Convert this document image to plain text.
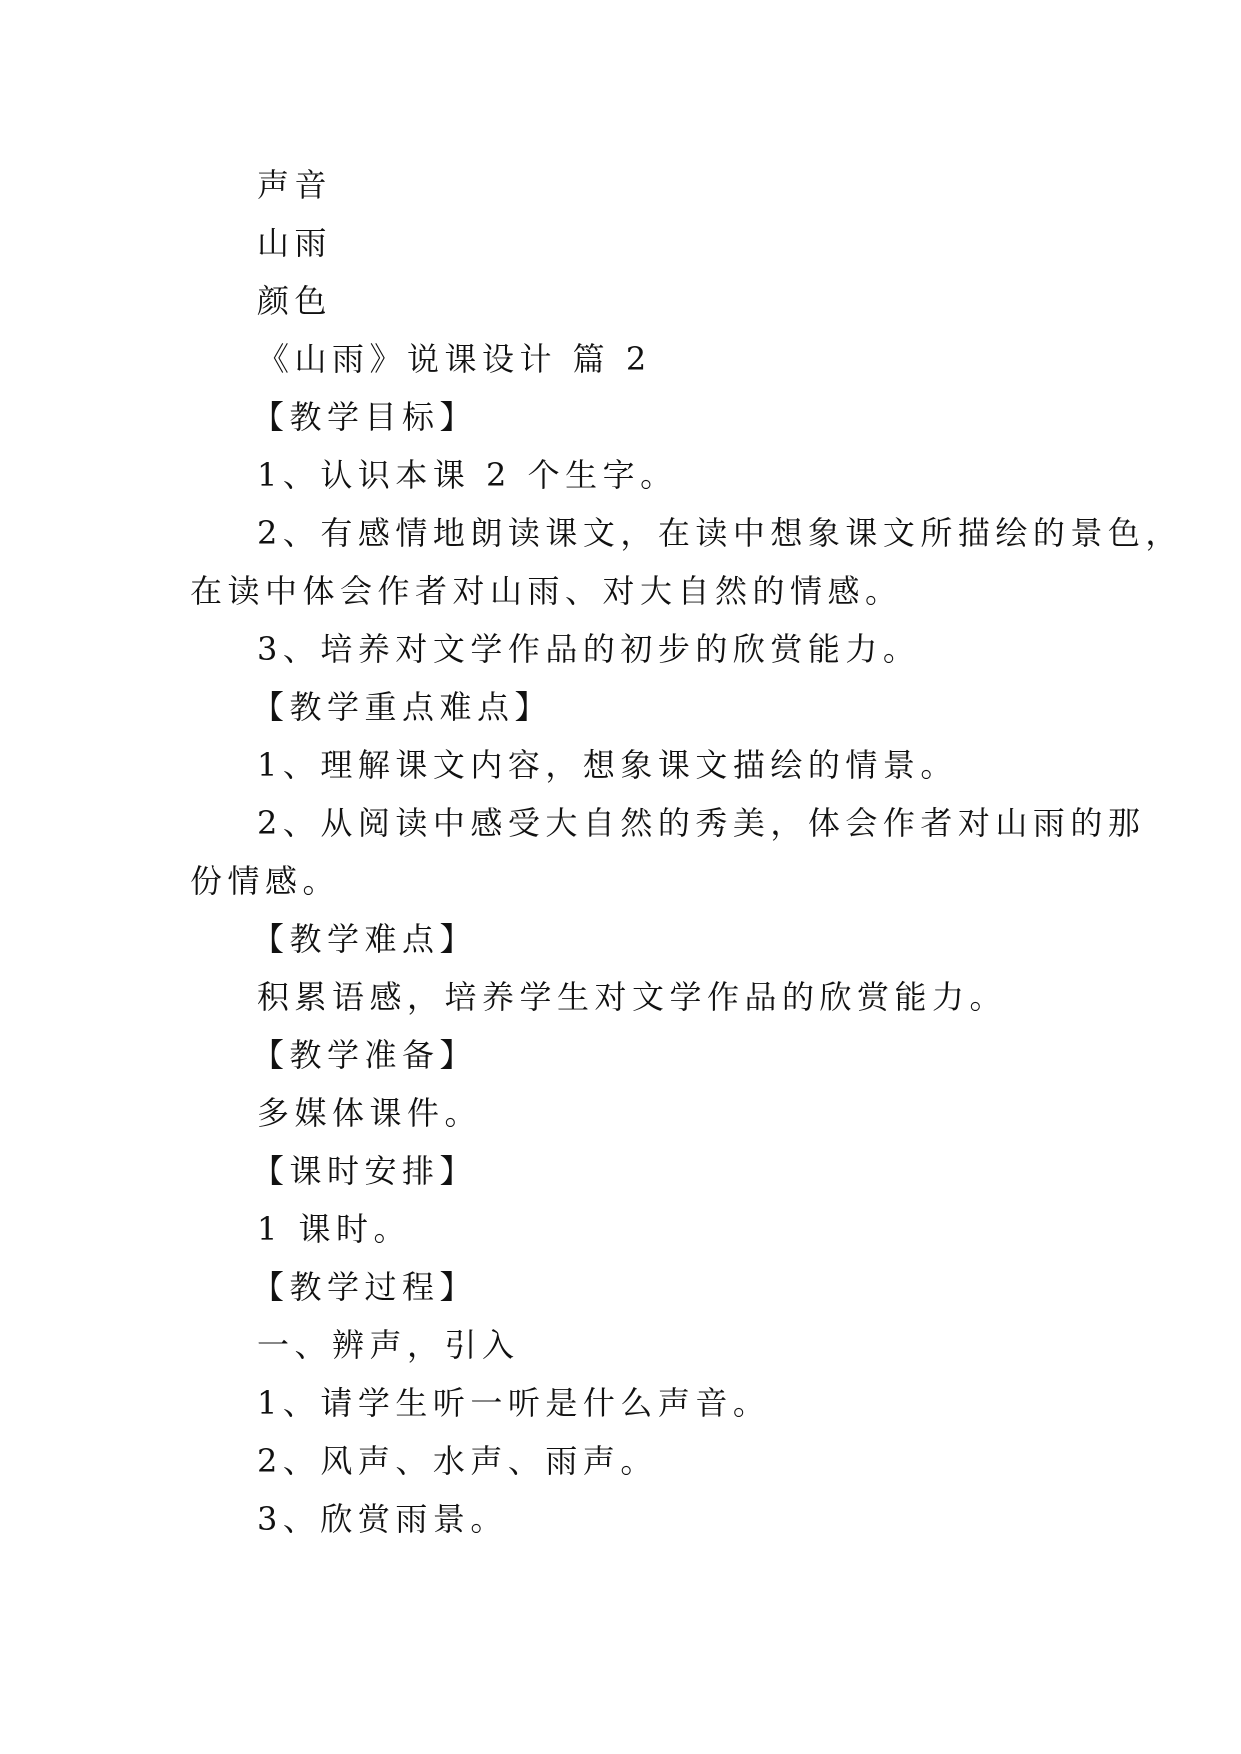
声音
山雨
颜色
《山雨》说课设计 篇 2
【教学目标】
1、认识本课 2 个生字。
2、有感情地朗读课文，在读中想象课文所描绘的景色，
在读中体会作者对山雨、对大自然的情感。
3、培养对文学作品的初步的欣赏能力。
【教学重点难点】
1、理解课文内容，想象课文描绘的情景。
2、从阅读中感受大自然的秀美，体会作者对山雨的那
份情感。
【教学难点】
积累语感，培养学生对文学作品的欣赏能力。
【教学准备】
多媒体课件。
【课时安排】
1 课时。
【教学过程】
一、辨声，引入
1、请学生听一听是什么声音。
2、风声、水声、雨声。
3、欣赏雨景。
